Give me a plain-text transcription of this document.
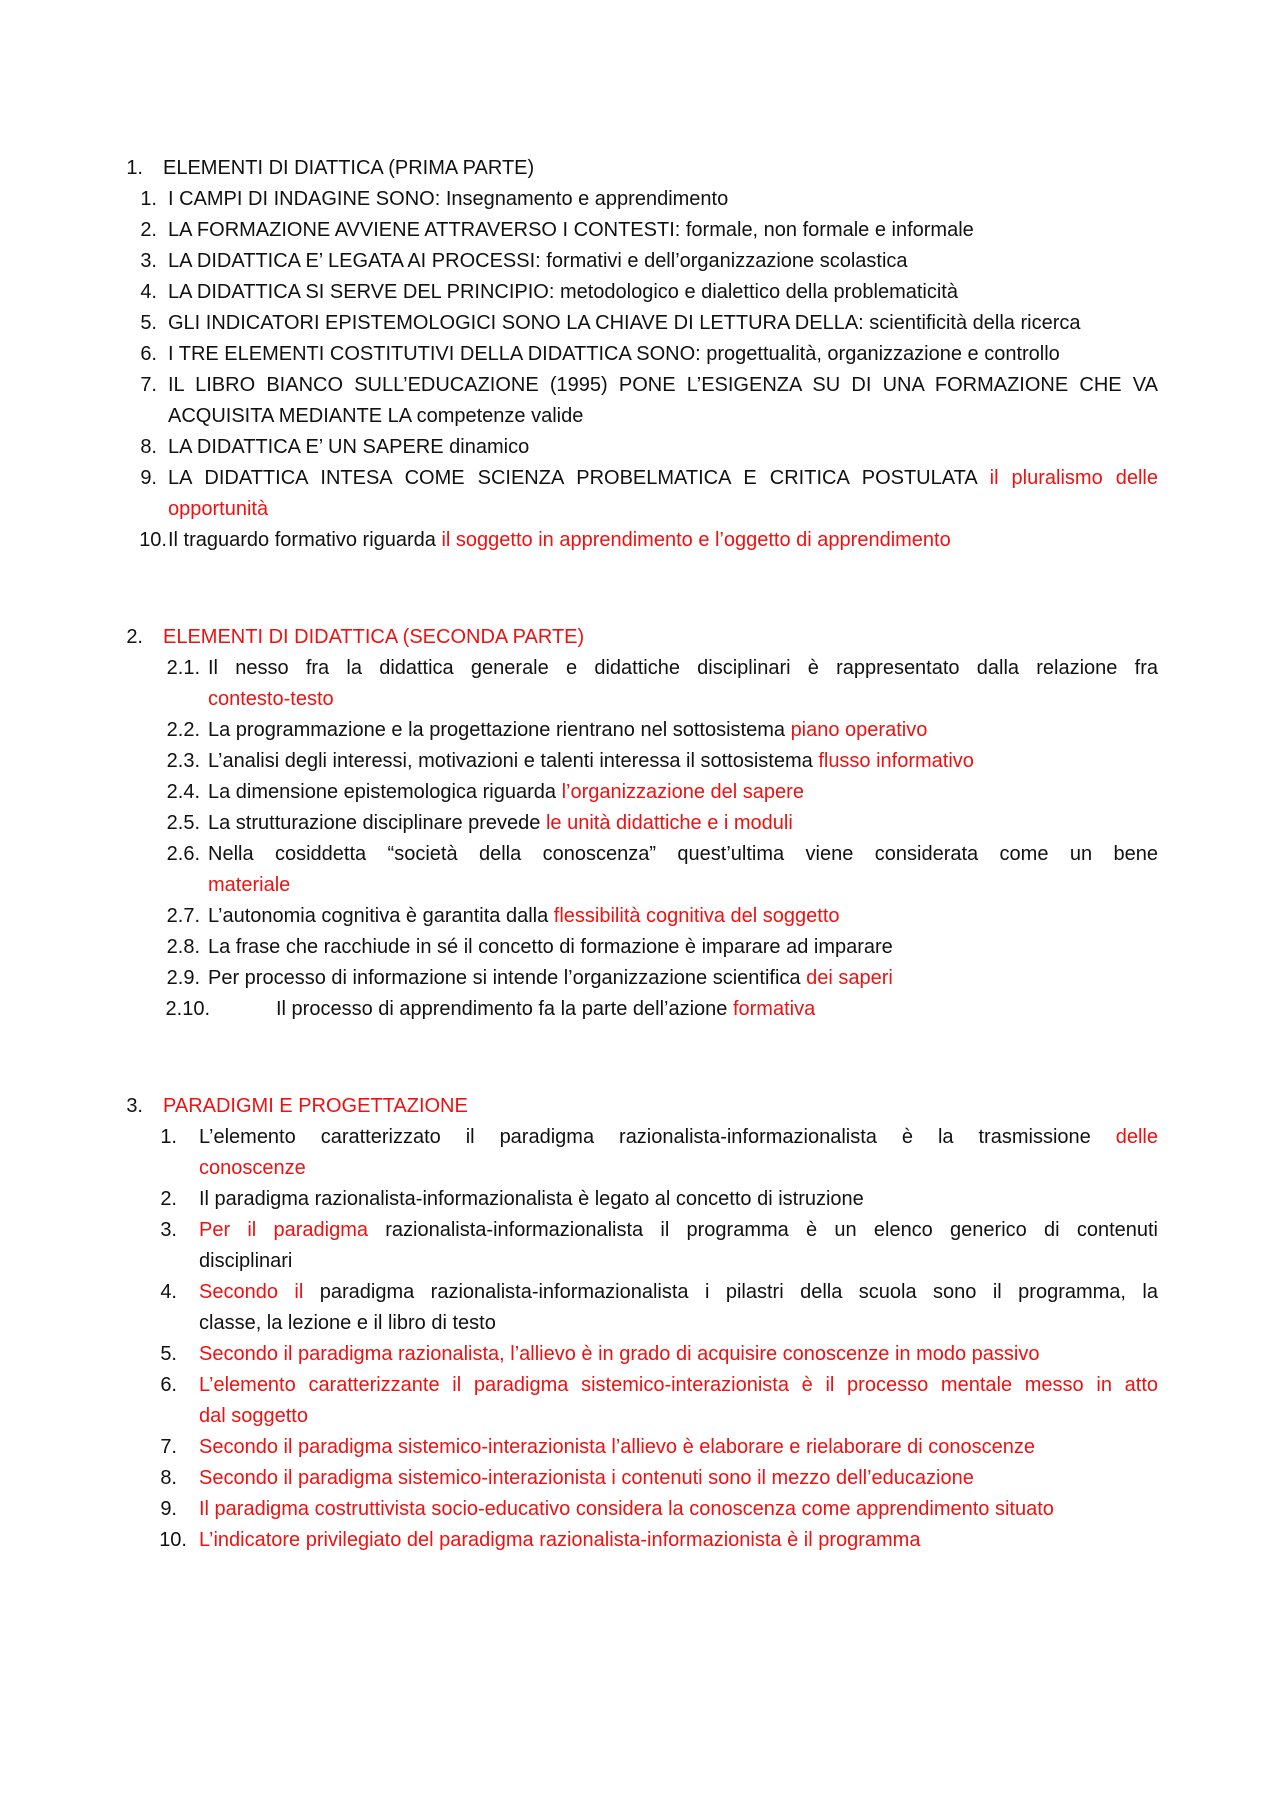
1. ELEMENTI DI DIATTICA (PRIMA PARTE)
1. I CAMPI DI INDAGINE SONO: Insegnamento e apprendimento
2. LA FORMAZIONE AVVIENE ATTRAVERSO I CONTESTI: formale, non formale e informale
3. LA DIDATTICA E’ LEGATA AI PROCESSI: formativi e dell’organizzazione scolastica
4. LA DIDATTICA SI SERVE DEL PRINCIPIO: metodologico e dialettico della problematicità
5. GLI INDICATORI EPISTEMOLOGICI SONO LA CHIAVE DI LETTURA DELLA: scientificità della ricerca
6. I TRE ELEMENTI COSTITUTIVI DELLA DIDATTICA SONO: progettualità, organizzazione e controllo
7. IL LIBRO BIANCO SULL’EDUCAZIONE (1995) PONE L’ESIGENZA SU DI UNA FORMAZIONE CHE VA
ACQUISITA MEDIANTE LA competenze valide
8. LA DIDATTICA E’ UN SAPERE dinamico
9. LA DIDATTICA INTESA COME SCIENZA PROBELMATICA E CRITICA POSTULATA il pluralismo delle
opportunità
10. Il traguardo formativo riguarda il soggetto in apprendimento e l’oggetto di apprendimento
2. ELEMENTI DI DIDATTICA (SECONDA PARTE)
2.1. Il nesso fra la didattica generale e didattiche disciplinari è rappresentato dalla relazione fra
contesto-testo
2.2. La programmazione e la progettazione rientrano nel sottosistema piano operativo
2.3. L’analisi degli interessi, motivazioni e talenti interessa il sottosistema flusso informativo
2.4. La dimensione epistemologica riguarda l’organizzazione del sapere
2.5. La strutturazione disciplinare prevede le unità didattiche e i moduli
2.6. Nella cosiddetta “società della conoscenza” quest’ultima viene considerata come un bene
materiale
2.7. L’autonomia cognitiva è garantita dalla flessibilità cognitiva del soggetto
2.8. La frase che racchiude in sé il concetto di formazione è imparare ad imparare
2.9. Per processo di informazione si intende l’organizzazione scientifica dei saperi
2.10.	Il processo di apprendimento fa la parte dell’azione formativa
3. PARADIGMI E PROGETTAZIONE
1. L’elemento caratterizzato il paradigma razionalista-informazionalista è la trasmissione delle
conoscenze
2. Il paradigma razionalista-informazionalista è legato al concetto di istruzione
3. Per il paradigma razionalista-informazionalista il programma è un elenco generico di contenuti
disciplinari
4. Secondo il paradigma razionalista-informazionalista i pilastri della scuola sono il programma, la
classe, la lezione e il libro di testo
5. Secondo il paradigma razionalista, l’allievo è in grado di acquisire conoscenze in modo passivo
6. L’elemento caratterizzante il paradigma sistemico-interazionista è il processo mentale messo in atto
dal soggetto
7. Secondo il paradigma sistemico-interazionista l’allievo è elaborare e rielaborare di conoscenze
8. Secondo il paradigma sistemico-interazionista i contenuti sono il mezzo dell’educazione
9. Il paradigma costruttivista socio-educativo considera la conoscenza come apprendimento situato
10. L’indicatore privilegiato del paradigma razionalista-informazionista è il programma
